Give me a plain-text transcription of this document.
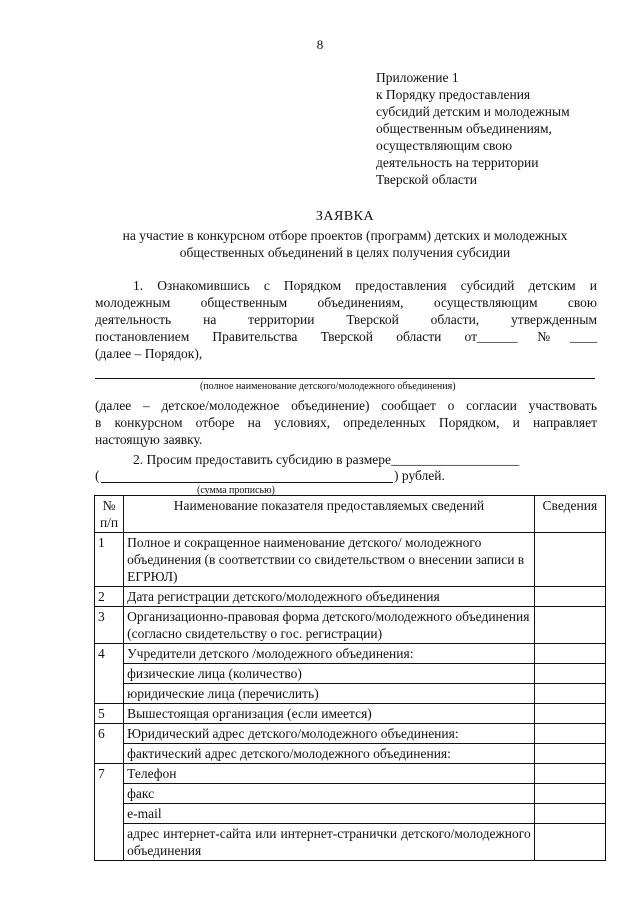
8
Приложение 1
к Порядку предоставления
субсидий детским и молодежным
общественным объединениям,
осуществляющим свою
деятельность на территории
Тверской области
ЗАЯВКА
на участие в конкурсном отборе проектов (программ) детских и молодежных
общественных объединений в целях получения субсидии
1. Ознакомившись с Порядком предоставления субсидий детским и
молодежным общественным объединениям, осуществляющим свою
деятельность на территории Тверской области, утвержденным
постановлением Правительства Тверской области от______№____
(далее – Порядок),
(полное наименование детского/молодежного объединения)
(далее – детское/молодежное объединение) сообщает о согласии участвовать
в конкурсном отборе на условиях, определенных Порядком, и направляет
настоящую заявку.
2. Просим предоставить субсидию в размере___________________
(	) рублей.
(сумма прописью)
№ п/п	Наименование показателя предоставляемых сведений	Сведения
1	Полное и сокращенное наименование детского/ молодежного объединения (в соответствии со свидетельством о внесении записи в ЕГРЮЛ)	
2	Дата регистрации детского/молодежного объединения	
3	Организационно-правовая форма детского/молодежного объединения (согласно свидетельству о гос. регистрации)	
4	Учредители детского /молодежного объединения:	
	физические лица (количество)	
	юридические лица (перечислить)	
5	Вышестоящая организация (если имеется)	
6	Юридический адрес детского/молодежного объединения:	
	фактический адрес детского/молодежного объединения:	
7	Телефон	
	факс	
	e-mail	
	адрес интернет-сайта или интернет-странички детского/молодежного объединения	
